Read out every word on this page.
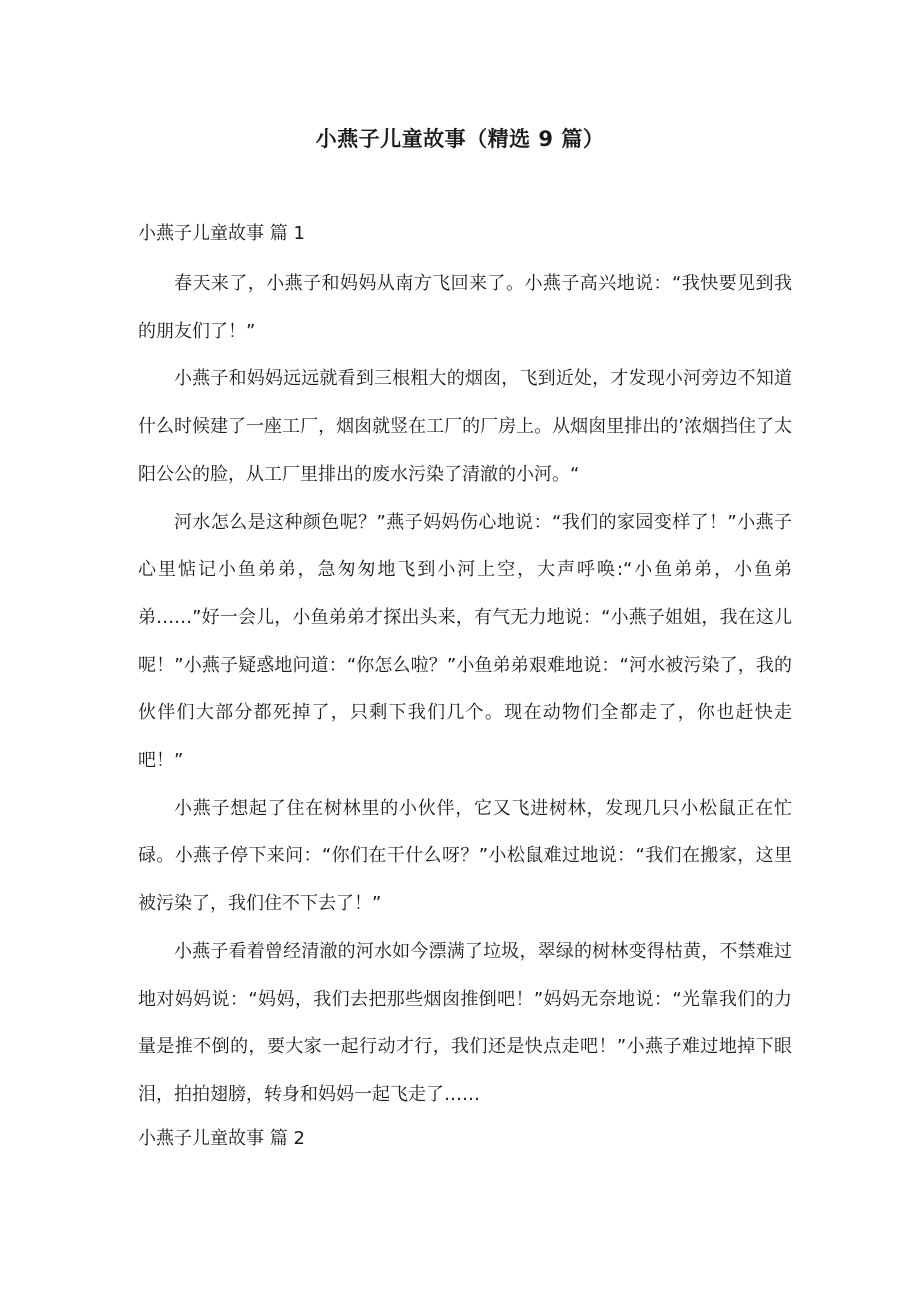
小燕子儿童故事（精选 9 篇）
小燕子儿童故事 篇 1

春天来了，小燕子和妈妈从南方飞回来了。小燕子高兴地说：“我快要见到我的朋友们了！”

小燕子和妈妈远远就看到三根粗大的烟囱，飞到近处，才发现小河旁边不知道什么时候建了一座工厂，烟囱就竖在工厂的厂房上。从烟囱里排出的’浓烟挡住了太阳公公的脸，从工厂里排出的废水污染了清澈的小河。“

河水怎么是这种颜色呢？”燕子妈妈伤心地说：“我们的家园变样了！”小燕子心里惦记小鱼弟弟，急匆匆地飞到小河上空，大声呼唤:“小鱼弟弟，小鱼弟弟……”好一会儿，小鱼弟弟才探出头来，有气无力地说：“小燕子姐姐，我在这儿呢！”小燕子疑惑地问道：“你怎么啦？”小鱼弟弟艰难地说：“河水被污染了，我的伙伴们大部分都死掉了，只剩下我们几个。现在动物们全都走了，你也赶快走吧！”

小燕子想起了住在树林里的小伙伴，它又飞进树林，发现几只小松鼠正在忙碌。小燕子停下来问：“你们在干什么呀？”小松鼠难过地说：“我们在搬家，这里被污染了，我们住不下去了！”

小燕子看着曾经清澈的河水如今漂满了垃圾，翠绿的树林变得枯黄，不禁难过地对妈妈说：“妈妈，我们去把那些烟囱推倒吧！”妈妈无奈地说：“光靠我们的力量是推不倒的，要大家一起行动才行，我们还是快点走吧！”小燕子难过地掉下眼泪，拍拍翅膀，转身和妈妈一起飞走了……

小燕子儿童故事 篇 2
